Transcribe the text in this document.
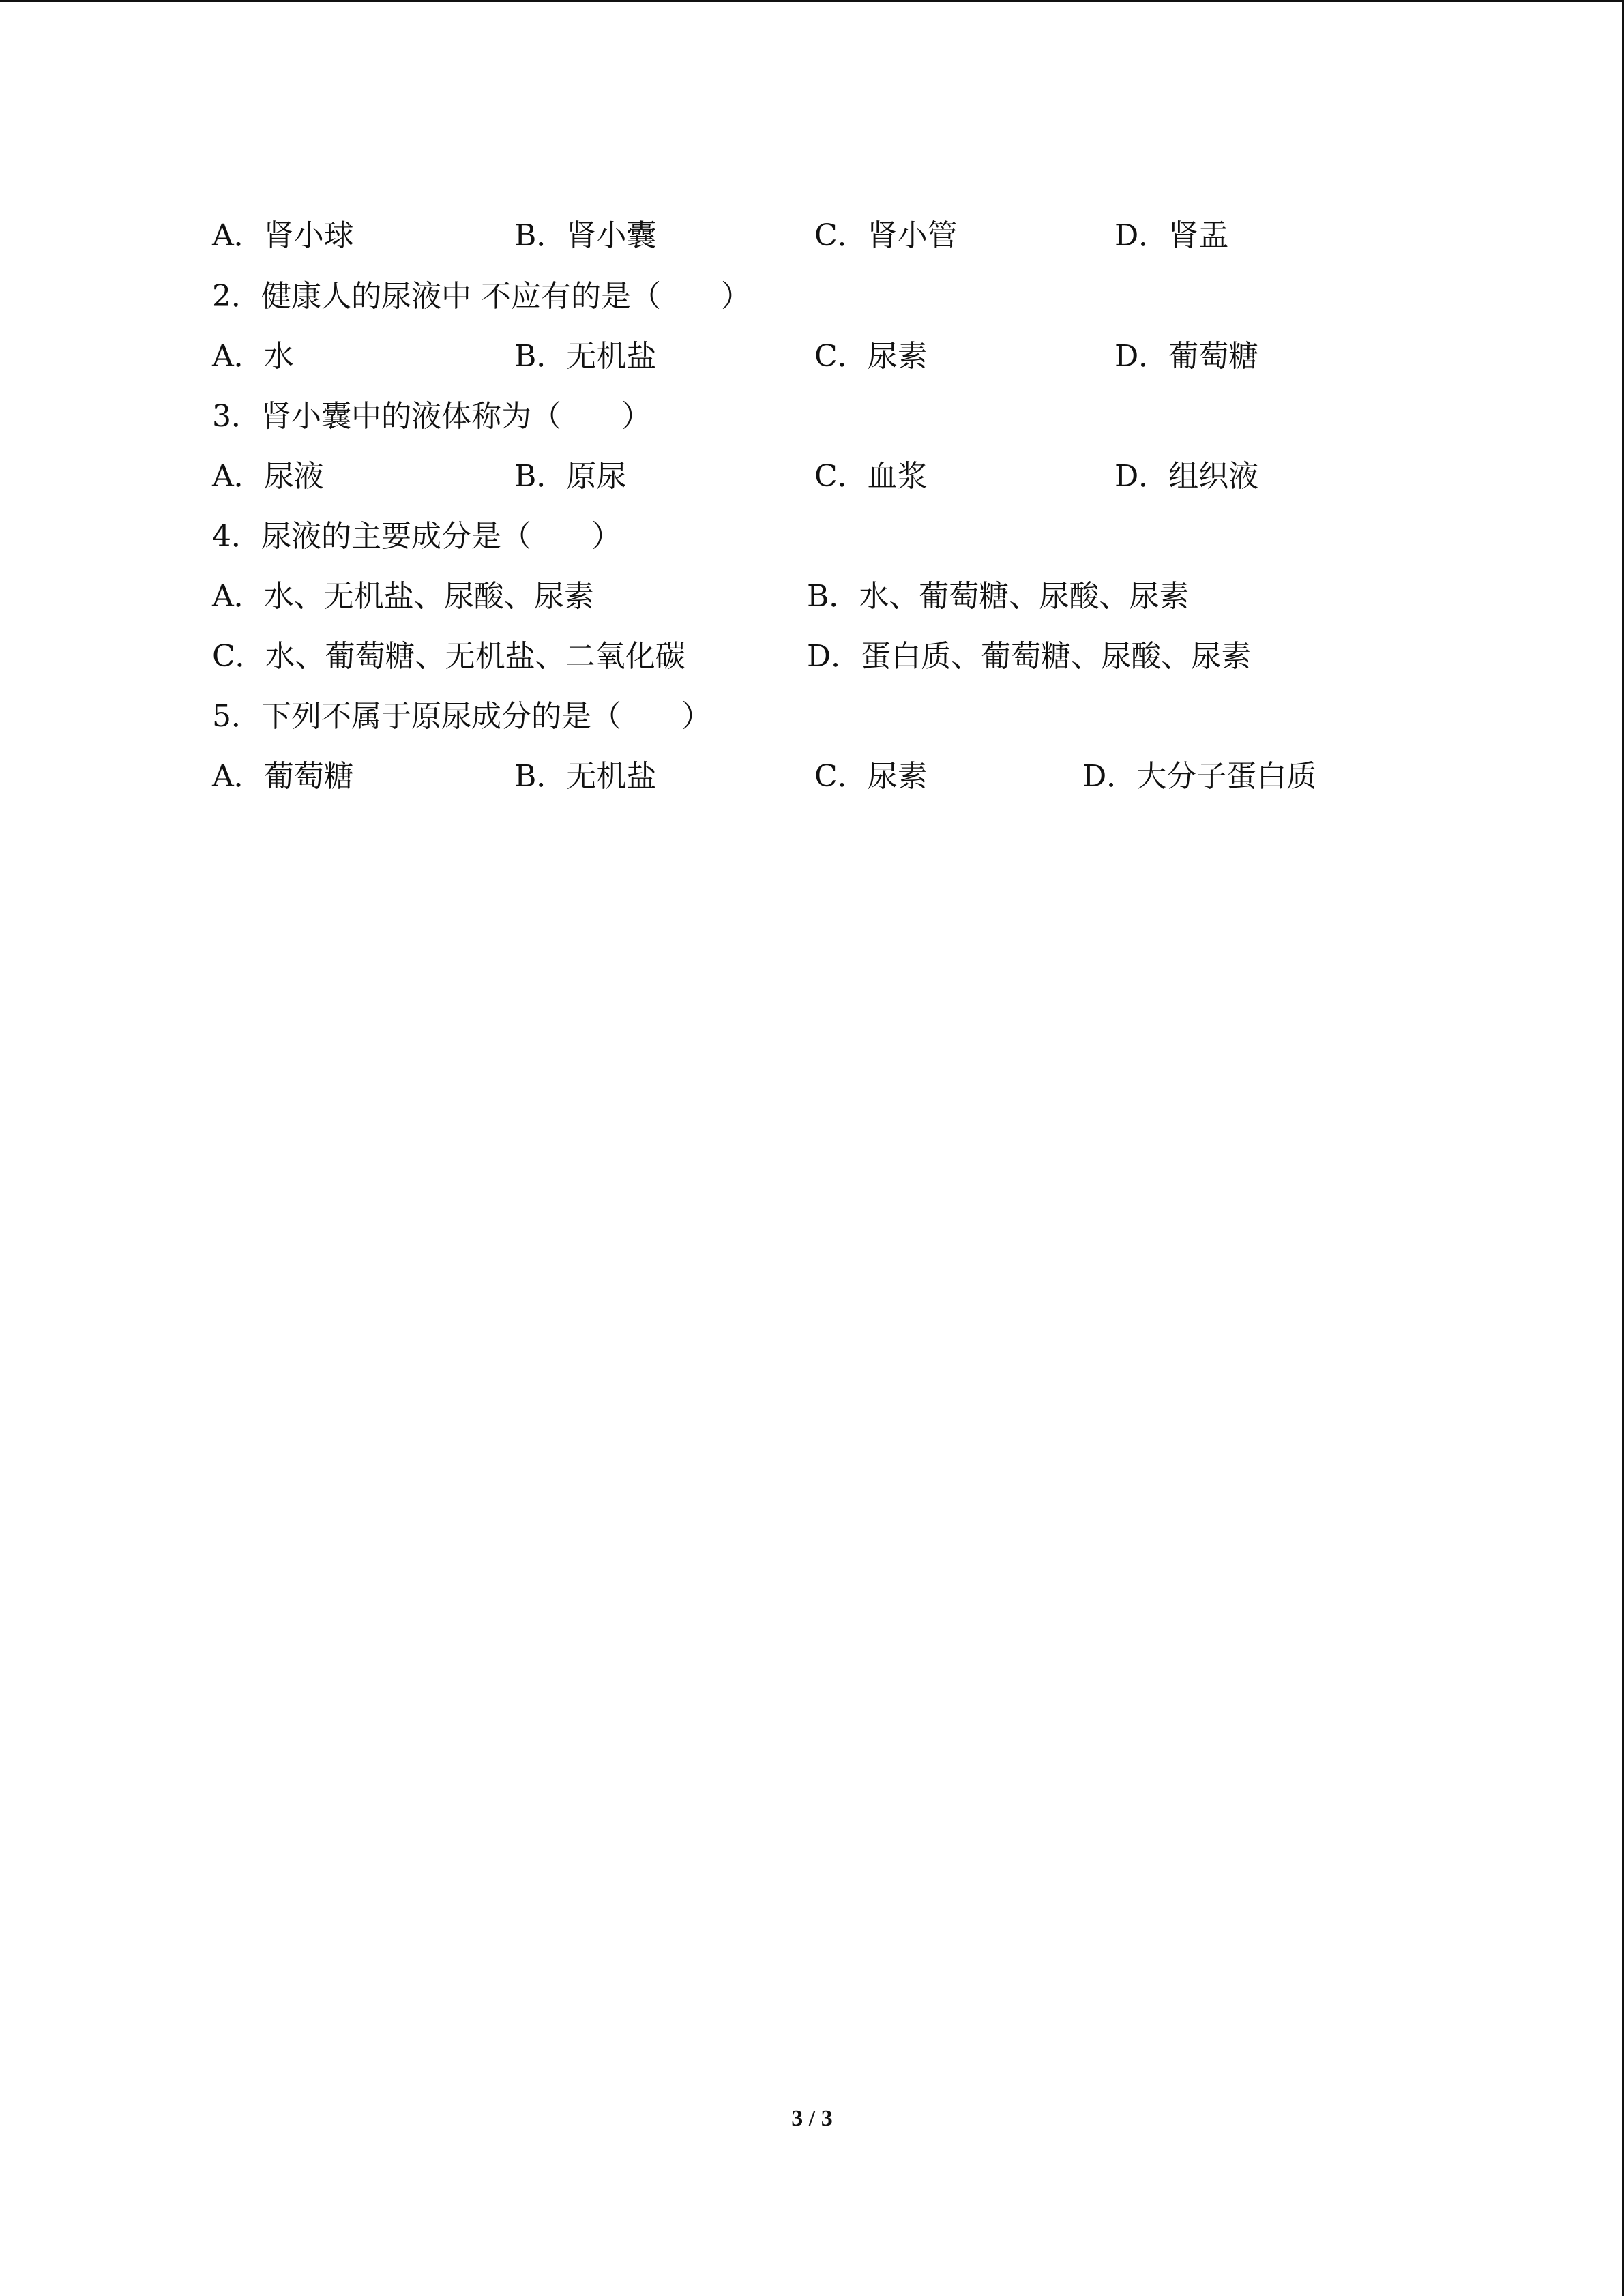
A．肾小球	B．肾小囊	C．肾小管	D．肾盂
2．健康人的尿液中 不应有的是（　　）
A．水	B．无机盐	C．尿素	D．葡萄糖
3．肾小囊中的液体称为（　　）
A．尿液	B．原尿	C．血浆	D．组织液
4．尿液的主要成分是（　　）
A．水、无机盐、尿酸、尿素	B．水、葡萄糖、尿酸、尿素
C．水、葡萄糖、无机盐、二氧化碳	D．蛋白质、葡萄糖、尿酸、尿素
5．下列不属于原尿成分的是（　　）
A．葡萄糖	B．无机盐	C．尿素	D．大分子蛋白质
3 / 3
